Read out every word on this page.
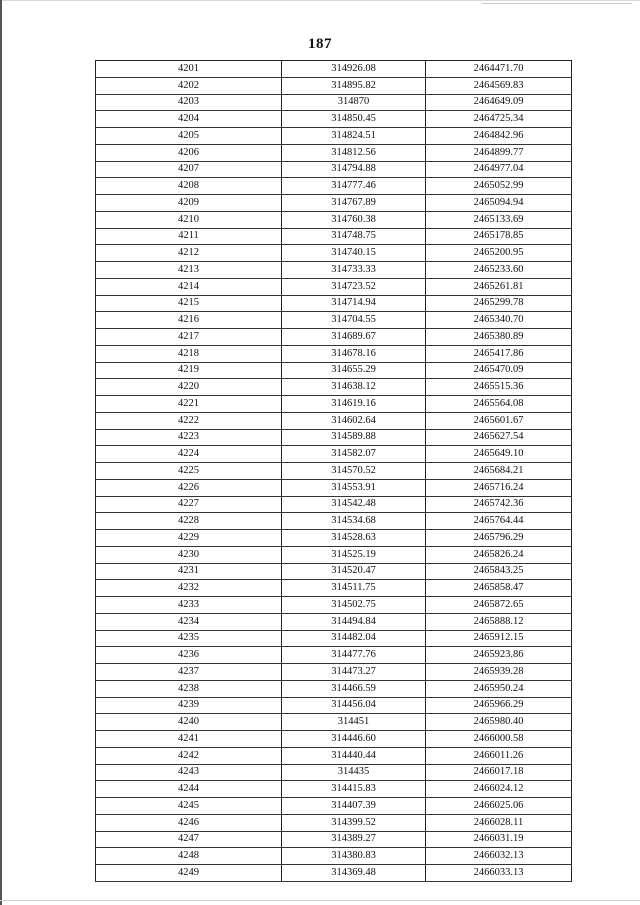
187
4201	314926.08	2464471.70
4202	314895.82	2464569.83
4203	314870	2464649.09
4204	314850.45	2464725.34
4205	314824.51	2464842.96
4206	314812.56	2464899.77
4207	314794.88	2464977.04
4208	314777.46	2465052.99
4209	314767.89	2465094.94
4210	314760.38	2465133.69
4211	314748.75	2465178.85
4212	314740.15	2465200.95
4213	314733.33	2465233.60
4214	314723.52	2465261.81
4215	314714.94	2465299.78
4216	314704.55	2465340.70
4217	314689.67	2465380.89
4218	314678.16	2465417.86
4219	314655.29	2465470.09
4220	314638.12	2465515.36
4221	314619.16	2465564.08
4222	314602.64	2465601.67
4223	314589.88	2465627.54
4224	314582.07	2465649.10
4225	314570.52	2465684.21
4226	314553.91	2465716.24
4227	314542.48	2465742.36
4228	314534.68	2465764.44
4229	314528.63	2465796.29
4230	314525.19	2465826.24
4231	314520.47	2465843.25
4232	314511.75	2465858.47
4233	314502.75	2465872.65
4234	314494.84	2465888.12
4235	314482.04	2465912.15
4236	314477.76	2465923.86
4237	314473.27	2465939.28
4238	314466.59	2465950.24
4239	314456.04	2465966.29
4240	314451	2465980.40
4241	314446.60	2466000.58
4242	314440.44	2466011.26
4243	314435	2466017.18
4244	314415.83	2466024.12
4245	314407.39	2466025.06
4246	314399.52	2466028.11
4247	314389.27	2466031.19
4248	314380.83	2466032.13
4249	314369.48	2466033.13
